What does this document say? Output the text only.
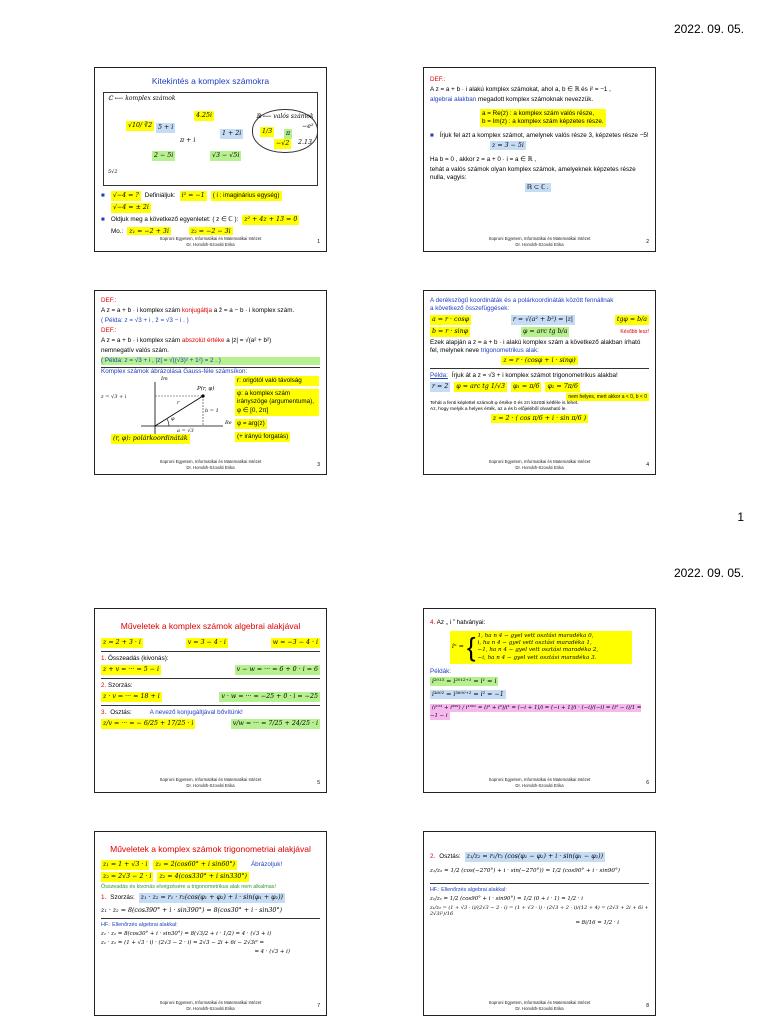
2022. 09. 05.
Kitekintés a komplex számokra
ℂ ⟵ komplex számok
ℝ ⟵ valós számok
√10/ ∛2
4.25i
5 + i
π + i
1 + 2i
2 − 5i	√3 − √5i
1/3	π
−e²
−√2	2.13
5√2
■	√−4 = ? Definiáljuk: i² = −1	( i : imaginárius egység)
√−4 = ± 2i
■ Oldjuk meg a következő egyenletet: ( z ∈ ℂ ): z² + 4z + 13 = 0
Mo.: z₁ = −2 + 3i	z₂ = −2 − 3i
Soproni Egyetem, Informatikai és Matematikai Intézet
Dr. Horváth-Szováti Erika	1
DEF.:
A z = a + b · i alakú komplex számokat, ahol a, b ∈ ℝ és i² = −1 ,
algebrai alakban megadott komplex számoknak nevezzük.
a = Re(z) : a komplex szám valós része,
b = Im(z) : a komplex szám képzetes része.
■ Írjuk fel azt a komplex számot, amelynek valós része 3, képzetes része −5!
z = 3 − 5i
Ha b = 0 , akkor z = a + 0 · i = a ∈ ℝ ,
tehát a valós számok olyan komplex számok, amelyeknek képzetes része nulla, vagyis:
ℝ ⊂ ℂ .
Soproni Egyetem, Informatikai és Matematikai Intézet
Dr. Horváth-Szováti Erika	2
DEF.:
A z = a + b · i komplex szám konjugáltja a z̄ = a − b · i komplex szám.
( Példa: z = √3 + i , z̄ = √3 − i . )
DEF.:
A z = a + b · i komplex szám abszolút értéke a |z| = √(a² + b²)
nemnegatív valós szám.
( Példa: z = √3 + i , |z| = √((√3)² + 1²) = 2 . )
Komplex számok ábrázolása Gauss-féle számsíkon:
Im
Re
P(r, φ)
z = √3 + i
b = 1
a = √3
r
φ
r: origótól való távolság
φ: a komplex szám irányszöge (argumentuma), φ ∈ [0, 2π]
φ = arg(z)
(+ irányú forgatás)
(r, φ): polárkoordináták
Soproni Egyetem, Informatikai és Matematikai Intézet
Dr. Horváth-Szováti Erika	3
A derékszögű koordináták és a polárkoordináták között fennállnak
a következő összefüggések:
a = r · cosφ	r = √(a² + b²) = |z|	tgφ = b/a
b = r · sinφ	φ = arc tg b/a	Később lesz!
Ezek alapján a z = a + b · i alakú komplex szám a következő alakban írható fel, melynek neve trigonometrikus alak:
z = r · (cosφ + i · sinφ)
Példa: Írjuk át a z = √3 + i komplex számot trigonometrikus alakba!
r = 2	φ = arc tg 1/√3	φ₁ = π/6	φ₂ = 7π/6
nem helyes, mert akkor a < 0, b < 0
Tehát a fenti képlettel számolt φ értéke 0 és 2π közötti kétféle is lehet.
Az, hogy melyik a helyes érték, az a és b előjeléből olvasható le.
z = 2 · ( cos π/6 + i · sin π/6 )
Soproni Egyetem, Informatikai és Matematikai Intézet
Dr. Horváth-Szováti Erika	4
1
2022. 09. 05.
Műveletek a komplex számok algebrai alakjával
z = 2 + 3 · i	v = 3 − 4 · i	w = −3 − 4 · i
1. Összeadás (kivonás):
z + v = ··· = 5 − i	v − w = ··· = 6 + 0 · i = 6
2. Szorzás:
z · v = ··· = 18 + i	v · w = ··· = −25 + 0 · i = −25
3. Osztás:	A nevező konjugáltjával bővítünk!
z/v = ··· = − 6/25 + 17/25 · i	v/w = ··· = 7/25 + 24/25 · i
Soproni Egyetem, Informatikai és Matematikai Intézet
Dr. Horváth-Szováti Erika	5
4. Az „ i ” hatványai:
iⁿ = { 1, ha n 4 − gyel vett osztási maradéka 0,
i, ha n 4 − gyel vett osztási maradéka 1,
−1, ha n 4 − gyel vett osztási maradéka 2,
−i, ha n 4 − gyel vett osztási maradéka 3.
Példák:
i²⁰¹³ = i²⁰¹²⁺¹ = i¹ = i
i³⁶⁰² = i³⁶⁰⁰⁺² = i² = −1
(i¹²³ + i⁹⁹⁹) / i¹⁰⁰¹ = (i³ + i³)/i¹ = (−i + 1)/i = (−i + 1)/i · (−i)/(−i) = (i² − i)/1 = −1 − i
Soproni Egyetem, Informatikai és Matematikai Intézet
Dr. Horváth-Szováti Erika	6
Műveletek a komplex számok trigonometriai alakjával
z₁ = 1 + √3 · i	z₁ = 2(cos60° + i sin60°)	Ábrázoljuk!
z₂ = 2√3 − 2 · i	z₂ = 4(cos330° + i sin330°)
Összeadás és kivonás elvégzésére a trigonometrikus alak nem alkalmas!
1. Szorzás: z₁ · z₂ = r₁ · r₂(cos(φ₁ + φ₂) + i · sin(φ₁ + φ₂))
z₁ · z₂ = 8(cos390° + i · sin390°) = 8(cos30° + i · sin30°)
HF.: Ellenőrzés algebrai alakkal:
z₁ · z₂ = 8(cos30° + i · sin30°) = 8(√3/2 + i · 1/2) = 4 · (√3 + i)
z₁ · z₂ = (1 + √3 · i) · (2√3 − 2 · i) = 2√3 − 2i + 6i − 2√3i² =
= 4 · (√3 + i)
Soproni Egyetem, Informatikai és Matematikai Intézet
Dr. Horváth-Szováti Erika	7
2. Osztás: z₁/z₂ = r₁/r₂ (cos(φ₁ − φ₂) + i · sin(φ₁ − φ₂))
z₁/z₂ = 1/2 (cos(−270°) + i · sin(−270°)) = 1/2 (cos90° + i · sin90°)
HF.: Ellenőrzés algebrai alakkal:
z₁/z₂ = 1/2 (cos90° + i · sin90°) = 1/2 (0 + i · 1) = 1/2 · i
z₁/z₂ = (1 + √3 · i)/(2√3 − 2 · i) = (1 + √3 · i) · (2√3 + 2 · i)/(12 + 4) = (2√3 + 2i + 6i + 2√3i²)/16
= 8i/16 = 1/2 · i
Soproni Egyetem, Informatikai és Matematikai Intézet
Dr. Horváth-Szováti Erika	8
